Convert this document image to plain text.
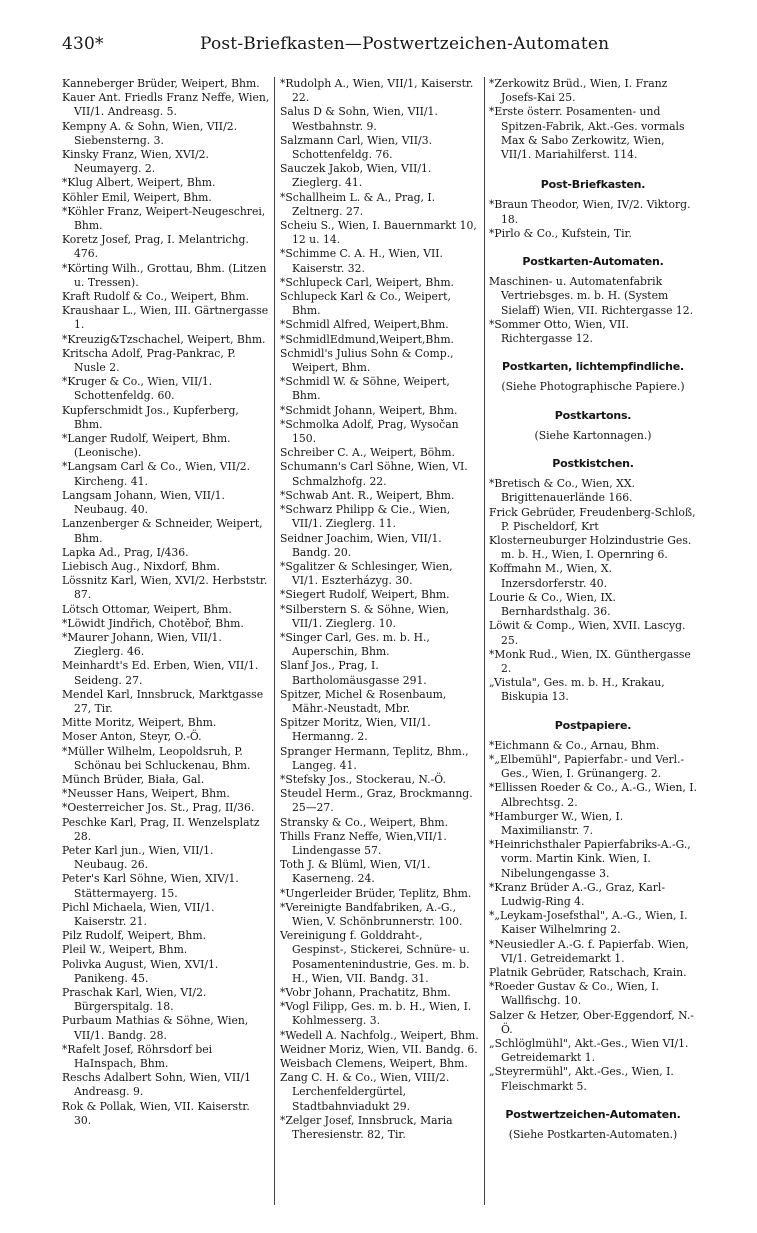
430*	Post-Briefkasten—Postwertzeichen-Automaten

Kanneberger Brüder, Weipert, Bhm.

Kauer Ant. Friedls Franz Neffe, Wien, VII/1. Andreasg. 5.

Kempny A. & Sohn, Wien, VII/2. Siebensterng. 3.

Kinsky Franz, Wien, XVI/2. Neumayerg. 2.

*Klug Albert, Weipert, Bhm.

Köhler Emil, Weipert, Bhm.

*Köhler Franz, Weipert-Neugeschrei, Bhm.

Koretz Josef, Prag, I. Melantrichg. 476.

*Körting Wilh., Grottau, Bhm. (Litzen u. Tressen).

Kraft Rudolf & Co., Weipert, Bhm.

Kraushaar L., Wien, III. Gärtnergasse 1.

*Kreuzig&Tzschachel, Weipert, Bhm.

Kritscha Adolf, Prag-Pankrac, P. Nusle 2.

*Kruger & Co., Wien, VII/1. Schottenfeldg. 60.

Kupferschmidt Jos., Kupferberg, Bhm.

*Langer Rudolf, Weipert, Bhm. (Leonische).

*Langsam Carl & Co., Wien, VII/2. Kircheng. 41.

Langsam Johann, Wien, VII/1. Neubaug. 40.

Lanzenberger & Schneider, Weipert, Bhm.

Lapka Ad., Prag, I/436.

Liebisch Aug., Nixdorf, Bhm.

Lössnitz Karl, Wien, XVI/2. Herbststr. 87.

Lötsch Ottomar, Weipert, Bhm.

*Löwidt Jindřich, Chotěboř, Bhm.

*Maurer Johann, Wien, VII/1. Zieglerg. 46.

Meinhardt's Ed. Erben, Wien, VII/1. Seideng. 27.

Mendel Karl, Innsbruck, Marktgasse 27, Tir.

Mitte Moritz, Weipert, Bhm.

Moser Anton, Steyr, O.-Ö.

*Müller Wilhelm, Leopoldsruh, P. Schönau bei Schluckenau, Bhm.

Münch Brüder, Biała, Gal.

*Neusser Hans, Weipert, Bhm.

*Oesterreicher Jos. St., Prag, II/36.

Peschke Karl, Prag, II. Wenzelsplatz 28.

Peter Karl jun., Wien, VII/1. Neubaug. 26.

Peter's Karl Söhne, Wien, XIV/1. Stättermayerg. 15.

Pichl Michaela, Wien, VII/1. Kaiserstr. 21.

Pilz Rudolf, Weipert, Bhm.

Pleil W., Weipert, Bhm.

Polivka August, Wien, XVI/1. Panikeng. 45.

Praschak Karl, Wien, VI/2. Bürgerspitalg. 18.

Purbaum Mathias & Söhne, Wien, VII/1. Bandg. 28.

*Rafelt Josef, Röhrsdorf bei HaInspach, Bhm.

Reschs Adalbert Sohn, Wien, VII/1 Andreasg. 9.

Rok & Pollak, Wien, VII. Kaiserstr. 30.

*Rudolph A., Wien, VII/1, Kaiserstr. 22.

Salus D & Sohn, Wien, VII/1. Westbahnstr. 9.

Salzmann Carl, Wien, VII/3. Schottenfeldg. 76.

Sauczek Jakob, Wien, VII/1. Zieglerg. 41.

*Schallheim L. & A., Prag, I. Zeltnerg. 27.

Scheiu S., Wien, I. Bauernmarkt 10, 12 u. 14.

*Schimme C. A. H., Wien, VII. Kaiserstr. 32.

*Schlupeck Carl, Weipert, Bhm.

Schlupeck Karl & Co., Weipert, Bhm.

*Schmidl Alfred, Weipert,Bhm.

*SchmidlEdmund,Weipert,Bhm.

Schmidl's Julius Sohn & Comp., Weipert, Bhm.

*Schmidl W. & Söhne, Weipert, Bhm.

*Schmidt Johann, Weipert, Bhm.

*Schmolka Adolf, Prag, Wysočan 150.

Schreiber C. A., Weipert, Böhm.

Schumann's Carl Söhne, Wien, VI. Schmalzhofg. 22.

*Schwab Ant. R., Weipert, Bhm.

*Schwarz Philipp & Cie., Wien, VII/1. Zieglerg. 11.

Seidner Joachim, Wien, VII/1. Bandg. 20.

*Sgalitzer & Schlesinger, Wien, VI/1. Eszterházyg. 30.

*Siegert Rudolf, Weipert, Bhm.

*Silberstern S. & Söhne, Wien, VII/1. Zieglerg. 10.

*Singer Carl, Ges. m. b. H., Auperschin, Bhm.

Slanf Jos., Prag, I. Bartholomäusgasse 291.

Spitzer, Michel & Rosenbaum, Mähr.-Neustadt, Mbr.

Spitzer Moritz, Wien, VII/1. Hermanng. 2.

Spranger Hermann, Teplitz, Bhm., Langeg. 41.

*Stefsky Jos., Stockerau, N.-Ö.

Steudel Herm., Graz, Brockmanng. 25—27.

Stransky & Co., Weipert, Bhm.

Thills Franz Neffe, Wien,VII/1. Lindengasse 57.

Toth J. & Blüml, Wien, VI/1. Kaserneng. 24.

*Ungerleider Brüder, Teplitz, Bhm.

*Vereinigte Bandfabriken, A.-G., Wien, V. Schönbrunnerstr. 100.

Vereinigung f. Golddraht-, Gespinst-, Stickerei, Schnüre- u. Posamentenindustrie, Ges. m. b. H., Wien, VII. Bandg. 31.

*Vobr Johann, Prachatitz, Bhm.

*Vogl Filipp, Ges. m. b. H., Wien, I. Kohlmesserg. 3.

*Wedell A. Nachfolg., Weipert, Bhm.

Weidner Moriz, Wien, VII. Bandg. 6.

Weisbach Clemens, Weipert, Bhm.

Zang C. H. & Co., Wien, VIII/2. Lerchenfeldergürtel, Stadtbahnviadukt 29.

*Zelger Josef, Innsbruck, Maria Theresienstr. 82, Tir.

*Zerkowitz Brüd., Wien, I. Franz Josefs-Kai 25.

*Erste österr. Posamenten- und Spitzen-Fabrik, Akt.-Ges. vormals Max & Sabo Zerkowitz, Wien, VII/1. Mariahilferst. 114.

Post-Briefkasten.

*Braun Theodor, Wien, IV/2. Viktorg. 18.

*Pirlo & Co., Kufstein, Tir.

Postkarten-Automaten.

Maschinen- u. Automatenfabrik Vertriebsges. m. b. H. (System Sielaff) Wien, VII. Richtergasse 12.

*Sommer Otto, Wien, VII. Richtergasse 12.

Postkarten, lichtempfindliche.
(Siehe Photographische Papiere.)
Postkartons.
(Siehe Kartonnagen.)
Postkistchen.

*Bretisch & Co., Wien, XX. Brigittenauerlände 166.

Frick Gebrüder, Freudenberg-Schloß, P. Pischeldorf, Krt

Klosterneuburger Holzindustrie Ges. m. b. H., Wien, I. Opernring 6.

Koffmahn M., Wien, X. Inzersdorferstr. 40.

Lourie & Co., Wien, IX. Bernhardsthalg. 36.

Löwit & Comp., Wien, XVII. Lascyg. 25.

*Monk Rud., Wien, IX. Günthergasse 2.

„Vistula", Ges. m. b. H., Krakau, Biskupia 13.

Postpapiere.

*Eichmann & Co., Arnau, Bhm.

*„Elbemühl", Papierfabr.- und Verl.-Ges., Wien, I. Grünangerg. 2.

*Ellissen Roeder & Co., A.-G., Wien, I. Albrechtsg. 2.

*Hamburger W., Wien, I. Maximilianstr. 7.

*Heinrichsthaler Papierfabriks-A.-G., vorm. Martin Kink. Wien, I. Nibelungengasse 3.

*Kranz Brüder A.-G., Graz, Karl-Ludwig-Ring 4.

*„Leykam-Josefsthal", A.-G., Wien, I. Kaiser Wilhelmring 2.

*Neusiedler A.-G. f. Papierfab. Wien, VI/1. Getreidemarkt 1.

Platnik Gebrüder, Ratschach, Krain.

*Roeder Gustav & Co., Wien, I. Wallfischg. 10.

Salzer & Hetzer, Ober-Eggendorf, N.-Ö.

„Schlöglmühl", Akt.-Ges., Wien VI/1. Getreidemarkt 1.

„Steyrermühl", Akt.-Ges., Wien, I. Fleischmarkt 5.

Postwertzeichen-Automaten.
(Siehe Postkarten-Automaten.)
